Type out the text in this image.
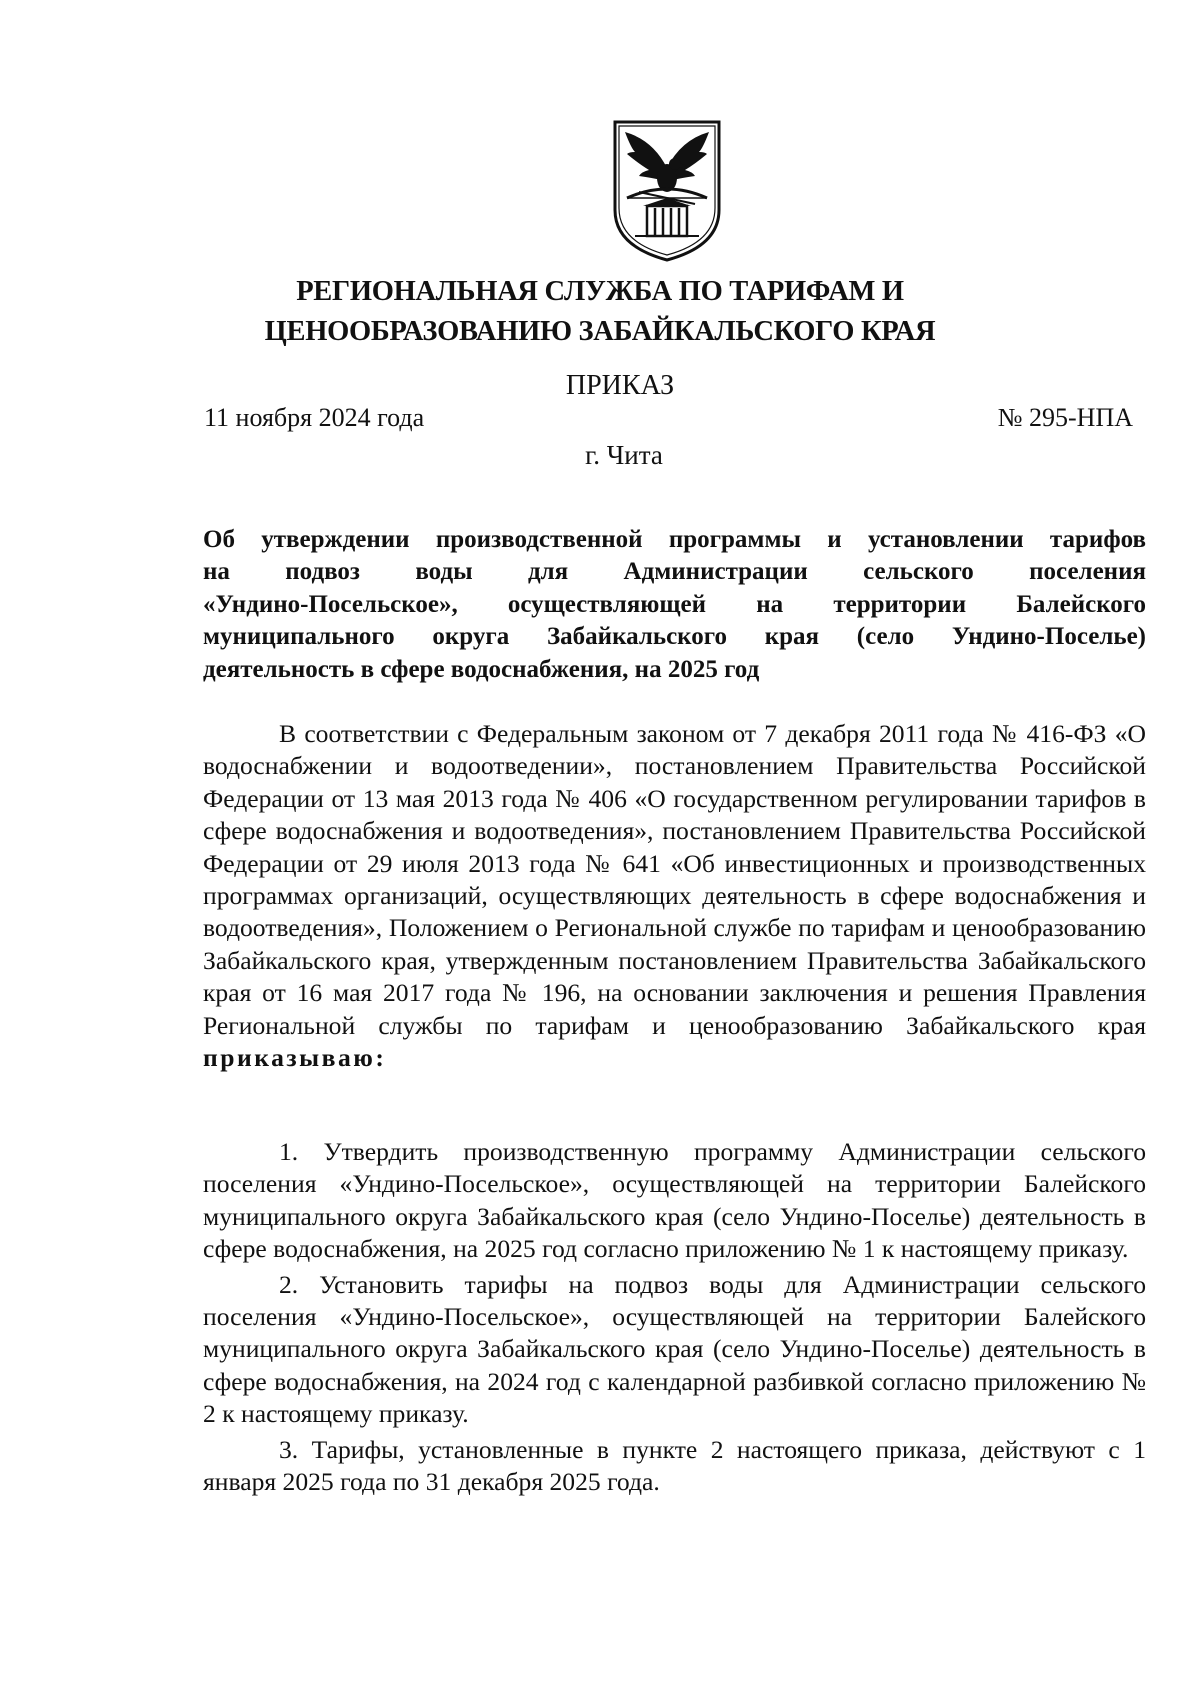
РЕГИОНАЛЬНАЯ СЛУЖБА ПО ТАРИФАМ И
ЦЕНООБРАЗОВАНИЮ ЗАБАЙКАЛЬСКОГО КРАЯ
ПРИКАЗ
11 ноября 2024 года	№ 295-НПА
г. Чита
Об утверждении производственной программы и установлении тарифов
на подвоз воды для Администрации сельского поселения
«Ундино-Посельское», осуществляющей на территории Балейского
муниципального округа Забайкальского края (село Ундино-Поселье)
деятельность в сфере водоснабжения, на 2025 год

В соответствии с Федеральным законом от 7 декабря 2011 года № 416-ФЗ «О водоснабжении и водоотведении», постановлением Правительства Российской Федерации от 13 мая 2013 года № 406 «О государственном регулировании тарифов в сфере водоснабжения и водоотведения», постановлением Правительства Российской Федерации от 29 июля 2013 года № 641 «Об инвестиционных и производственных программах организаций, осуществляющих деятельность в сфере водоснабжения и водоотведения», Положением о Региональной службе по тарифам и ценообразованию Забайкальского края, утвержденным постановлением Правительства Забайкальского края от 16 мая 2017 года № 196, на основании заключения и решения Правления Региональной службы по тарифам и ценообразованию Забайкальского края приказываю:

1. Утвердить производственную программу Администрации сельского поселения «Ундино-Посельское», осуществляющей на территории Балейского муниципального округа Забайкальского края (село Ундино-Поселье) деятельность в сфере водоснабжения, на 2025 год согласно приложению № 1 к настоящему приказу.

2. Установить тарифы на подвоз воды для Администрации сельского поселения «Ундино-Посельское», осуществляющей на территории Балейского муниципального округа Забайкальского края (село Ундино-Поселье) деятельность в сфере водоснабжения, на 2024 год с календарной разбивкой согласно приложению № 2 к настоящему приказу.

3. Тарифы, установленные в пункте 2 настоящего приказа, действуют с 1 января 2025 года по 31 декабря 2025 года.
